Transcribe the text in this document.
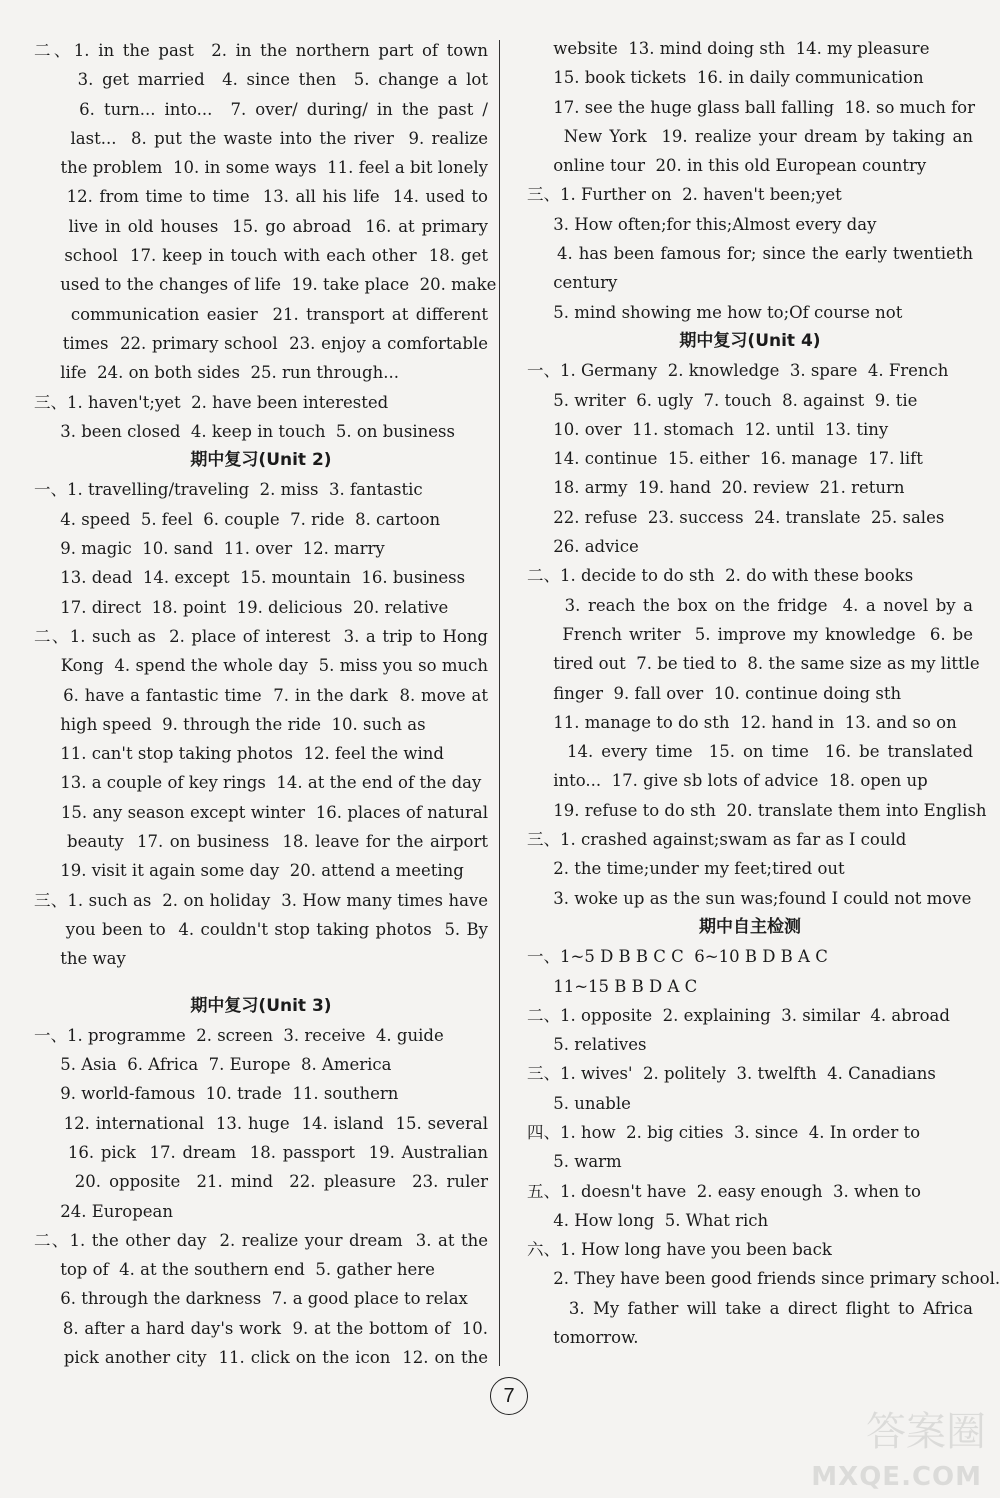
二、1. in the past  2. in the northern part of town
3. get married  4. since then  5. change a lot
6. turn... into...  7. over/ during/ in the past /
last...  8. put the waste into the river  9. realize
the problem  10. in some ways  11. feel a bit lonely
12. from time to time  13. all his life  14. used to
live in old houses  15. go abroad  16. at primary
school  17. keep in touch with each other  18. get
used to the changes of life  19. take place  20. make
communication easier  21. transport at different
times  22. primary school  23. enjoy a comfortable
life  24. on both sides  25. run through...
三、1. haven't;yet  2. have been interested
3. been closed  4. keep in touch  5. on business
期中复习(Unit 2)
一、1. travelling/traveling  2. miss  3. fantastic
4. speed  5. feel  6. couple  7. ride  8. cartoon
9. magic  10. sand  11. over  12. marry
13. dead  14. except  15. mountain  16. business
17. direct  18. point  19. delicious  20. relative
二、1. such as  2. place of interest  3. a trip to Hong
Kong  4. spend the whole day  5. miss you so much
6. have a fantastic time  7. in the dark  8. move at
high speed  9. through the ride  10. such as
11. can't stop taking photos  12. feel the wind
13. a couple of key rings  14. at the end of the day
15. any season except winter  16. places of natural
beauty  17. on business  18. leave for the airport
19. visit it again some day  20. attend a meeting
三、1. such as  2. on holiday  3. How many times have
you been to  4. couldn't stop taking photos  5. By
the way
期中复习(Unit 3)
一、1. programme  2. screen  3. receive  4. guide
5. Asia  6. Africa  7. Europe  8. America
9. world-famous  10. trade  11. southern
12. international  13. huge  14. island  15. several
16. pick  17. dream  18. passport  19. Australian
20. opposite  21. mind  22. pleasure  23. ruler
24. European
二、1. the other day  2. realize your dream  3. at the
top of  4. at the southern end  5. gather here
6. through the darkness  7. a good place to relax
8. after a hard day's work  9. at the bottom of  10.
pick another city  11. click on the icon  12. on the
website  13. mind doing sth  14. my pleasure
15. book tickets  16. in daily communication
17. see the huge glass ball falling  18. so much for
New York  19. realize your dream by taking an
online tour  20. in this old European country
三、1. Further on  2. haven't been;yet
3. How often;for this;Almost every day
4. has been famous for; since the early twentieth
century
5. mind showing me how to;Of course not
期中复习(Unit 4)
一、1. Germany  2. knowledge  3. spare  4. French
5. writer  6. ugly  7. touch  8. against  9. tie
10. over  11. stomach  12. until  13. tiny
14. continue  15. either  16. manage  17. lift
18. army  19. hand  20. review  21. return
22. refuse  23. success  24. translate  25. sales
26. advice
二、1. decide to do sth  2. do with these books
3. reach the box on the fridge  4. a novel by a
French writer  5. improve my knowledge  6. be
tired out  7. be tied to  8. the same size as my little
finger  9. fall over  10. continue doing sth
11. manage to do sth  12. hand in  13. and so on
14. every time  15. on time  16. be translated
into...  17. give sb lots of advice  18. open up
19. refuse to do sth  20. translate them into English
三、1. crashed against;swam as far as I could
2. the time;under my feet;tired out
3. woke up as the sun was;found I could not move
期中自主检测
一、1~5 D B B C C  6~10 B D B A C
11~15 B B D A C
二、1. opposite  2. explaining  3. similar  4. abroad
5. relatives
三、1. wives'  2. politely  3. twelfth  4. Canadians
5. unable
四、1. how  2. big cities  3. since  4. In order to
5. warm
五、1. doesn't have  2. easy enough  3. when to
4. How long  5. What rich
六、1. How long have you been back
2. They have been good friends since primary school.
3. My father will take a direct flight to Africa
tomorrow.
7
答案圈
MXQE.COM
